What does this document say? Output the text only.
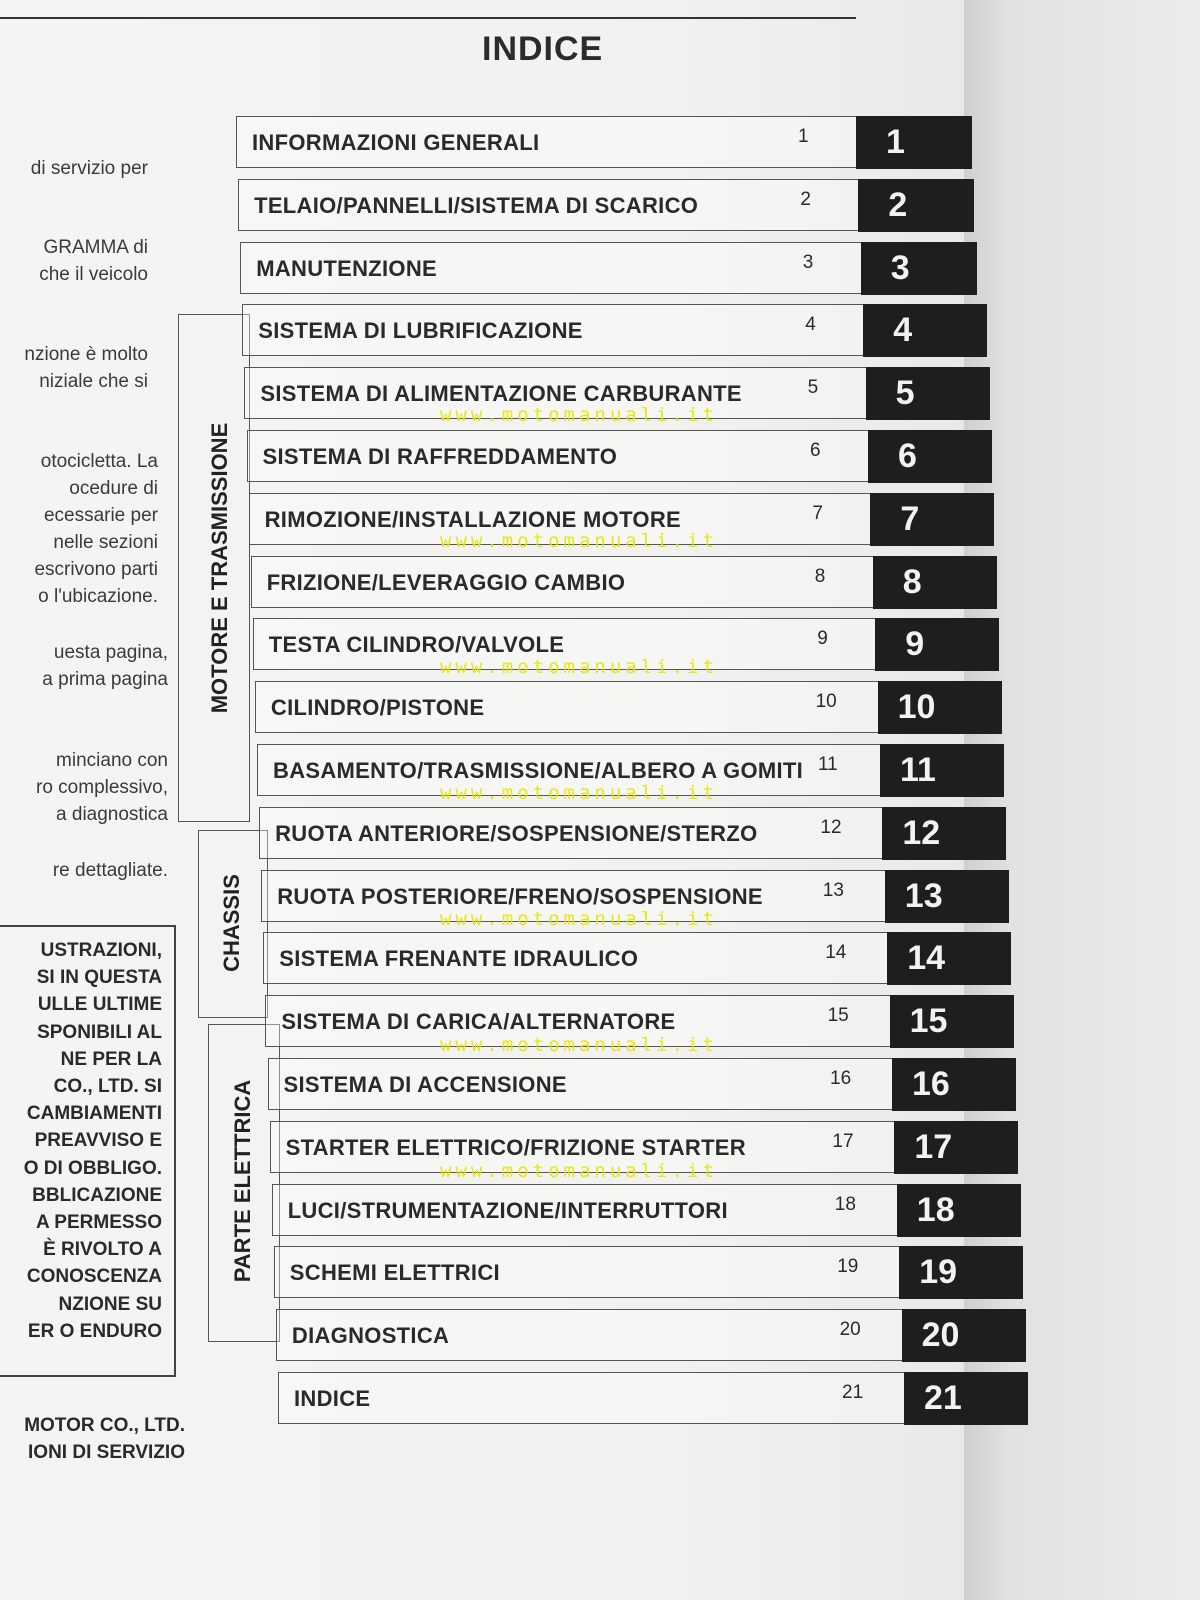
INDICE
di servizio per
GRAMMA di
che il veicolo
nzione è molto
niziale che si
otocicletta. La
ocedure di
ecessarie per
nelle sezioni
escrivono parti
o l'ubicazione.
uesta pagina,
a prima pagina
minciano con
ro complessivo,
a diagnostica
re dettagliate.
USTRAZIONI,
SI IN QUESTA
ULLE ULTIME
SPONIBILI AL
NE PER LA
CO., LTD. SI
CAMBIAMENTI
PREAVVISO E
O DI OBBLIGO.
BBLICAZIONE
A PERMESSO
È RIVOLTO A
CONOSCENZA
NZIONE SU
ER O ENDURO
MOTOR CO., LTD.
IONI DI SERVIZIO
MOTORE E TRASMISSIONE
CHASSIS
PARTE ELETTRICA
INFORMAZIONI GENERALI	1	1
TELAIO/PANNELLI/SISTEMA DI SCARICO	2	2
MANUTENZIONE	3	3
SISTEMA DI LUBRIFICAZIONE	4	4
SISTEMA DI ALIMENTAZIONE CARBURANTE	5	5
SISTEMA DI RAFFREDDAMENTO	6	6
RIMOZIONE/INSTALLAZIONE MOTORE	7	7
FRIZIONE/LEVERAGGIO CAMBIO	8	8
TESTA CILINDRO/VALVOLE	9	9
CILINDRO/PISTONE	10	10
BASAMENTO/TRASMISSIONE/ALBERO A GOMITI 11	11
RUOTA ANTERIORE/SOSPENSIONE/STERZO	12	12
RUOTA POSTERIORE/FRENO/SOSPENSIONE	13	13
SISTEMA FRENANTE IDRAULICO	14	14
SISTEMA DI CARICA/ALTERNATORE	15	15
SISTEMA DI ACCENSIONE	16	16
STARTER ELETTRICO/FRIZIONE STARTER	17	17
LUCI/STRUMENTAZIONE/INTERRUTTORI	18	18
SCHEMI ELETTRICI	19	19
DIAGNOSTICA	20	20
INDICE	21	21
www.motomanuali.it
www.motomanuali.it
www.motomanuali.it
www.motomanuali.it
www.motomanuali.it
www.motomanuali.it
www.motomanuali.it
